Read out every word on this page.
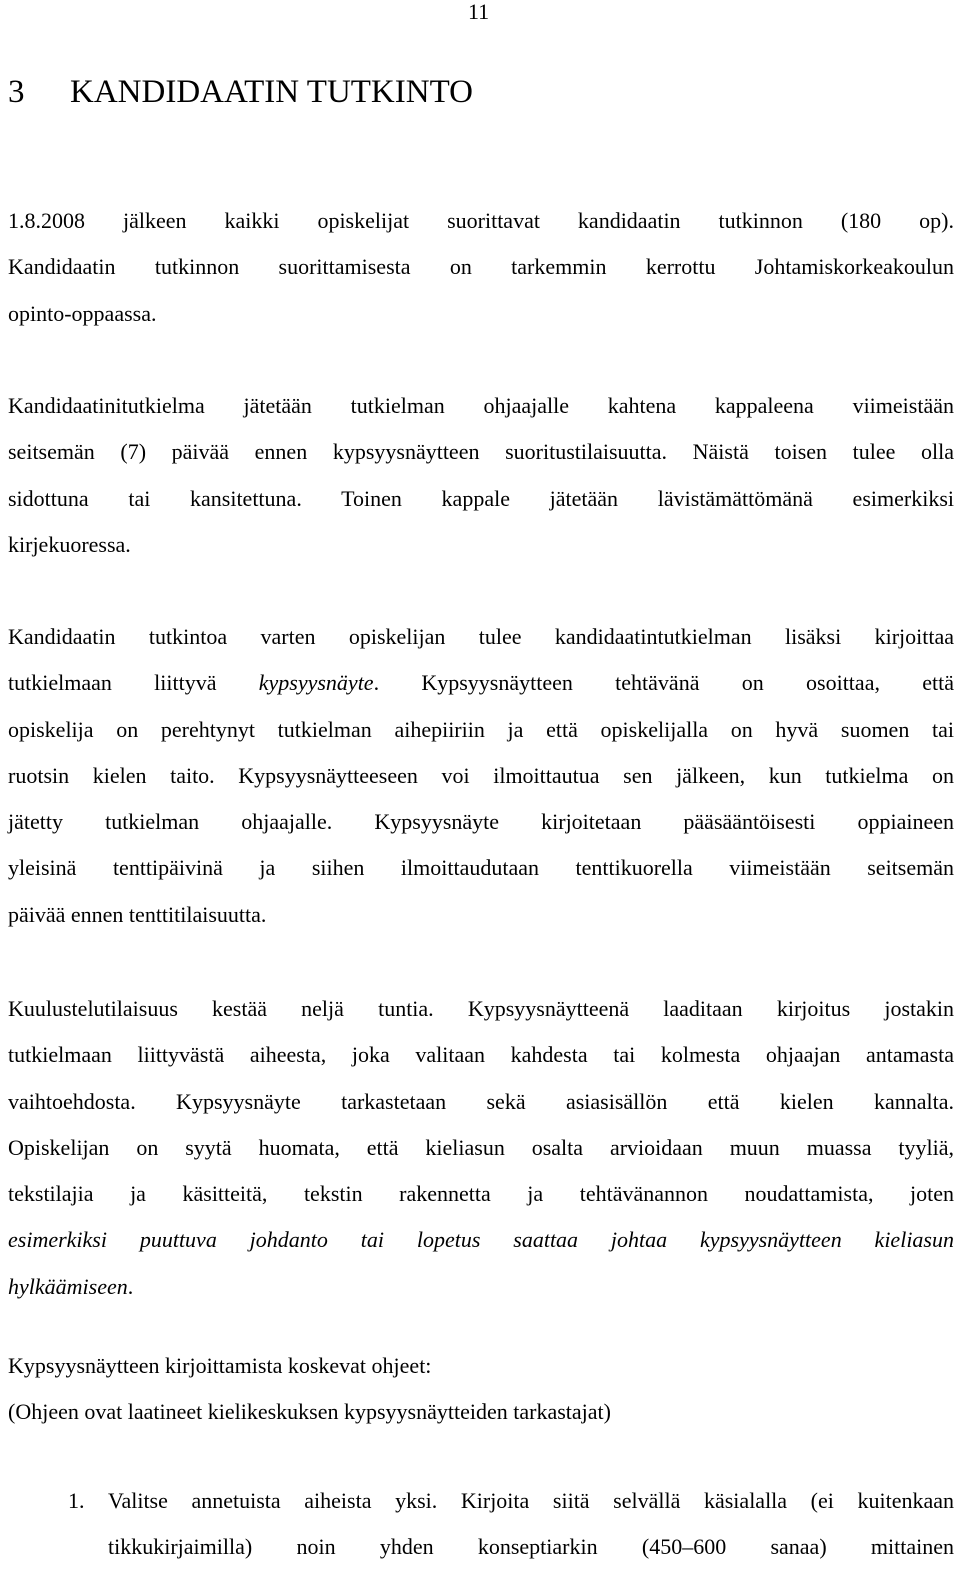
11
3 KANDIDAATIN TUTKINTO

1.8.2008 jälkeen kaikki opiskelijat suorittavat kandidaatin tutkinnon (180 op).
Kandidaatin tutkinnon suorittamisesta on tarkemmin kerrottu Johtamiskorkeakoulun
opinto-oppaassa.

Kandidaatinitutkielma jätetään tutkielman ohjaajalle kahtena kappaleena viimeistään
seitsemän (7) päivää ennen kypsyysnäytteen suoritustilaisuutta. Näistä toisen tulee olla
sidottuna tai kansitettuna. Toinen kappale jätetään lävistämättömänä esimerkiksi
kirjekuoressa.

Kandidaatin tutkintoa varten opiskelijan tulee kandidaatintutkielman lisäksi kirjoittaa
tutkielmaan liittyvä kypsyysnäyte. Kypsyysnäytteen tehtävänä on osoittaa, että
opiskelija on perehtynyt tutkielman aihepiiriin ja että opiskelijalla on hyvä suomen tai
ruotsin kielen taito. Kypsyysnäytteeseen voi ilmoittautua sen jälkeen, kun tutkielma on
jätetty tutkielman ohjaajalle. Kypsyysnäyte kirjoitetaan pääsääntöisesti oppiaineen
yleisinä tenttipäivinä ja siihen ilmoittaudutaan tenttikuorella viimeistään seitsemän
päivää ennen tenttitilaisuutta.

Kuulustelutilaisuus kestää neljä tuntia. Kypsyysnäytteenä laaditaan kirjoitus jostakin
tutkielmaan liittyvästä aiheesta, joka valitaan kahdesta tai kolmesta ohjaajan antamasta
vaihtoehdosta. Kypsyysnäyte tarkastetaan sekä asiasisällön että kielen kannalta.
Opiskelijan on syytä huomata, että kieliasun osalta arvioidaan muun muassa tyyliä,
tekstilajia ja käsitteitä, tekstin rakennetta ja tehtävänannon noudattamista, joten
esimerkiksi puuttuva johdanto tai lopetus saattaa johtaa kypsyysnäytteen kieliasun
hylkäämiseen.

Kypsyysnäytteen kirjoittamista koskevat ohjeet:

(Ohjeen ovat laatineet kielikeskuksen kypsyysnäytteiden tarkastajat)

1. Valitse annetuista aiheista yksi. Kirjoita siitä selvällä käsialalla (ei kuitenkaan
tikkukirjaimilla) noin yhden konseptiarkin (450–600 sanaa) mittainen
